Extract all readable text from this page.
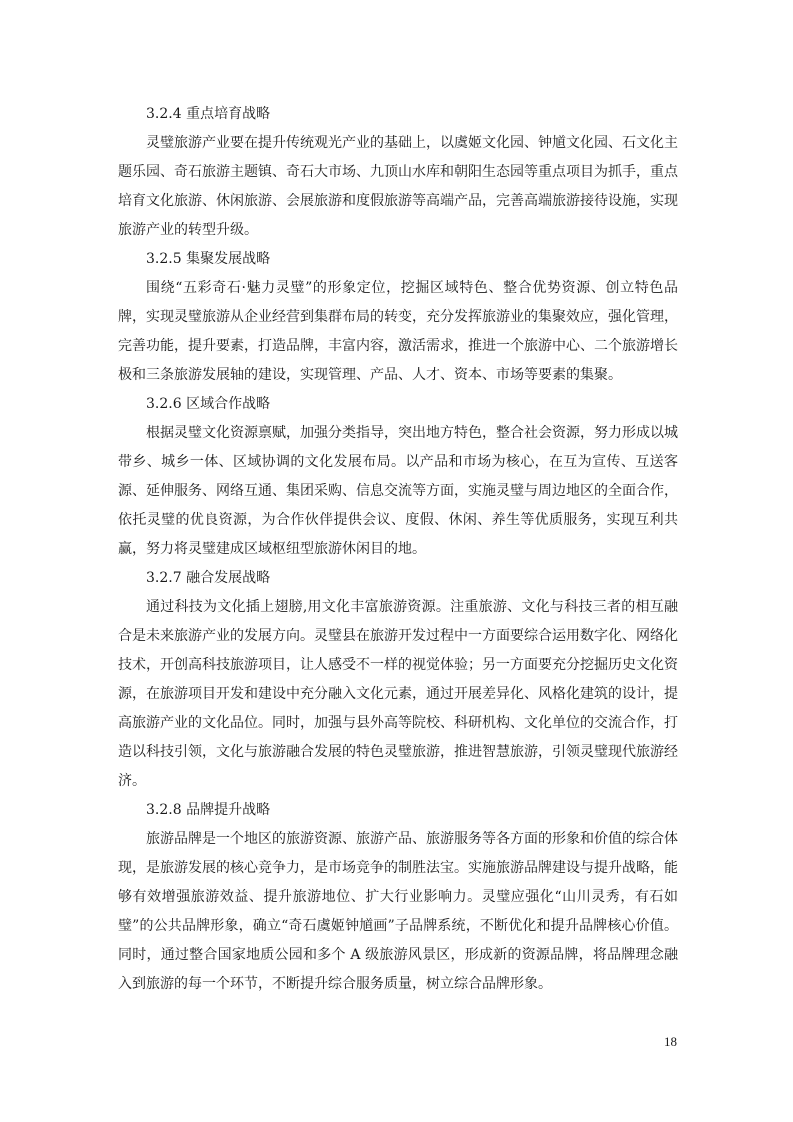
3.2.4 重点培育战略

灵璧旅游产业要在提升传统观光产业的基础上，以虞姬文化园、钟馗文化园、石文化主题乐园、奇石旅游主题镇、奇石大市场、九顶山水库和朝阳生态园等重点项目为抓手，重点培育文化旅游、休闲旅游、会展旅游和度假旅游等高端产品，完善高端旅游接待设施，实现旅游产业的转型升级。

3.2.5 集聚发展战略

围绕“五彩奇石·魅力灵璧”的形象定位，挖掘区域特色、整合优势资源、创立特色品牌，实现灵璧旅游从企业经营到集群布局的转变，充分发挥旅游业的集聚效应，强化管理，完善功能，提升要素，打造品牌，丰富内容，激活需求，推进一个旅游中心、二个旅游增长极和三条旅游发展轴的建设，实现管理、产品、人才、资本、市场等要素的集聚。

3.2.6 区域合作战略

根据灵璧文化资源禀赋，加强分类指导，突出地方特色，整合社会资源，努力形成以城带乡、城乡一体、区域协调的文化发展布局。以产品和市场为核心，在互为宣传、互送客源、延伸服务、网络互通、集团采购、信息交流等方面，实施灵璧与周边地区的全面合作，依托灵璧的优良资源，为合作伙伴提供会议、度假、休闲、养生等优质服务，实现互利共赢，努力将灵璧建成区域枢纽型旅游休闲目的地。

3.2.7 融合发展战略

通过科技为文化插上翅膀,用文化丰富旅游资源。注重旅游、文化与科技三者的相互融合是未来旅游产业的发展方向。灵璧县在旅游开发过程中一方面要综合运用数字化、网络化技术，开创高科技旅游项目，让人感受不一样的视觉体验；另一方面要充分挖掘历史文化资源，在旅游项目开发和建设中充分融入文化元素，通过开展差异化、风格化建筑的设计，提高旅游产业的文化品位。同时，加强与县外高等院校、科研机构、文化单位的交流合作，打造以科技引领，文化与旅游融合发展的特色灵璧旅游，推进智慧旅游，引领灵璧现代旅游经济。

3.2.8 品牌提升战略

旅游品牌是一个地区的旅游资源、旅游产品、旅游服务等各方面的形象和价值的综合体现，是旅游发展的核心竞争力，是市场竞争的制胜法宝。实施旅游品牌建设与提升战略，能够有效增强旅游效益、提升旅游地位、扩大行业影响力。灵璧应强化“山川灵秀，有石如璧”的公共品牌形象，确立“奇石虞姬钟馗画”子品牌系统，不断优化和提升品牌核心价值。同时，通过整合国家地质公园和多个 A 级旅游风景区，形成新的资源品牌，将品牌理念融入到旅游的每一个环节，不断提升综合服务质量，树立综合品牌形象。

18
